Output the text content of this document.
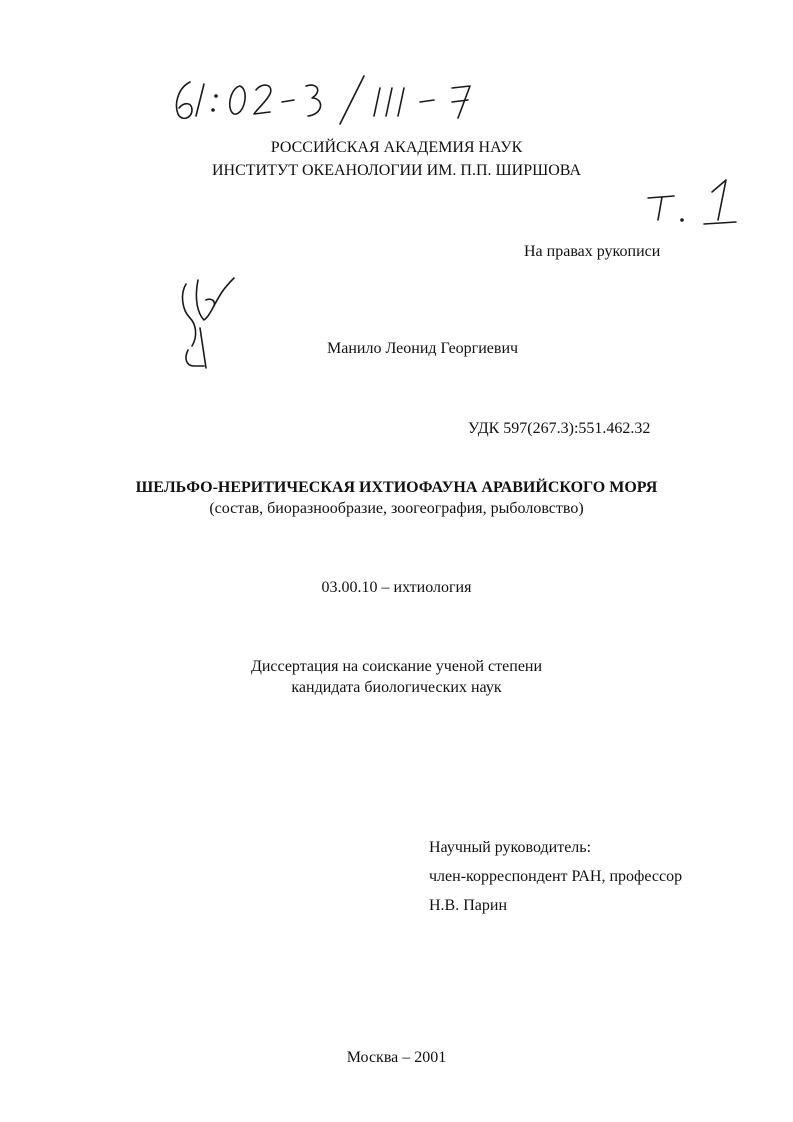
РОССИЙСКАЯ АКАДЕМИЯ НАУК
ИНСТИТУТ ОКЕАНОЛОГИИ ИМ. П.П. ШИРШОВА
На правах рукописи
Манило Леонид Георгиевич
УДК 597(267.3):551.462.32
ШЕЛЬФО-НЕРИТИЧЕСКАЯ ИХТИОФАУНА АРАВИЙСКОГО МОРЯ
(состав, биоразнообразие, зоогеография, рыболовство)
03.00.10 – ихтиология
Диссертация на соискание ученой степени
кандидата биологических наук
Научный руководитель:
член-корреспондент РАН, профессор
Н.В. Парин
Москва – 2001
